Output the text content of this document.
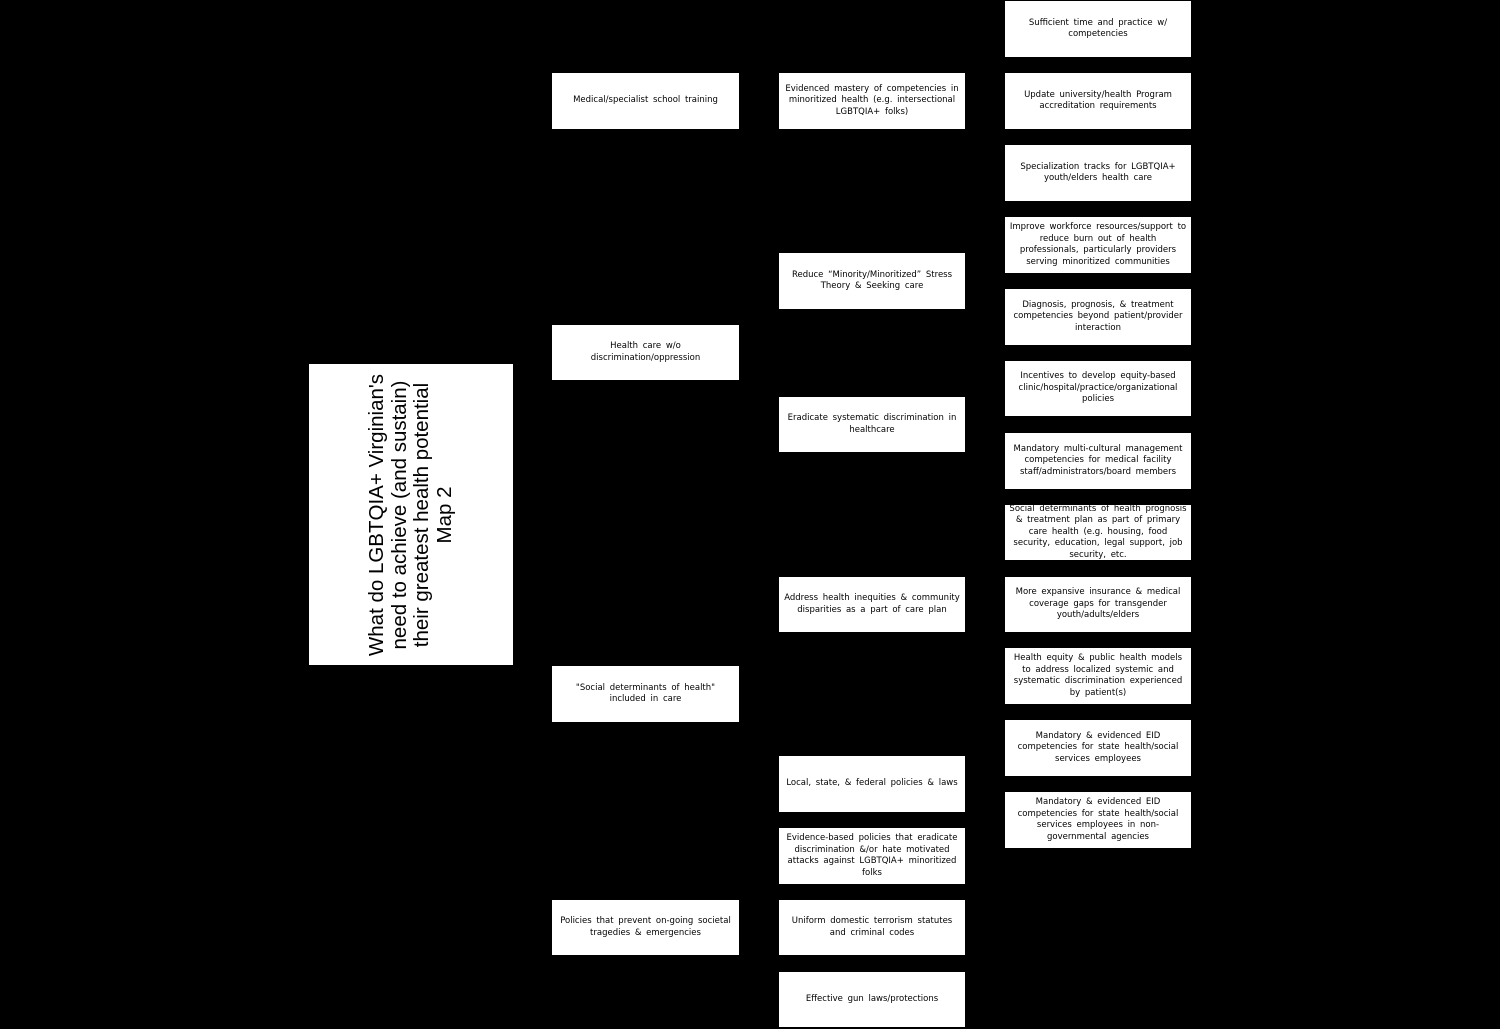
What do LGBTQIA+ Virginian's need to achieve (and sustain) their greatest health potential Map 2
Medical/specialist school training
Health care w/o discrimination/oppression
"Social determinants of health" included in care
Policies that prevent on-going societal tragedies & emergencies
Evidenced mastery of competencies in minoritized health (e.g. intersectional LGBTQIA+ folks)
Reduce “Minority/Minoritized” Stress Theory & Seeking care
Eradicate systematic discrimination in healthcare
Address health inequities & community disparities as a part of care plan
Local, state, & federal policies & laws
Evidence-based policies that eradicate discrimination &/or hate motivated attacks against LGBTQIA+ minoritized folks
Uniform domestic terrorism statutes and criminal codes
Effective gun laws/protections
Sufficient time and practice w/ competencies
Update university/health Program accreditation requirements
Specialization tracks for LGBTQIA+ youth/elders health care
Improve workforce resources/support to reduce burn out of health professionals, particularly providers serving minoritized communities
Diagnosis, prognosis, & treatment competencies beyond patient/provider interaction
Incentives to develop equity-based clinic/hospital/practice/organizational policies
Mandatory multi-cultural management competencies for medical facility staff/administrators/board members
Social determinants of health prognosis & treatment plan as part of primary care health (e.g. housing, food security, education, legal support, job security, etc.
More expansive insurance & medical coverage gaps for transgender youth/adults/elders
Health equity & public health models to address localized systemic and systematic discrimination experienced by patient(s)
Mandatory & evidenced EID competencies for state health/social services employees
Mandatory & evidenced EID competencies for state health/social services employees in non-governmental agencies
